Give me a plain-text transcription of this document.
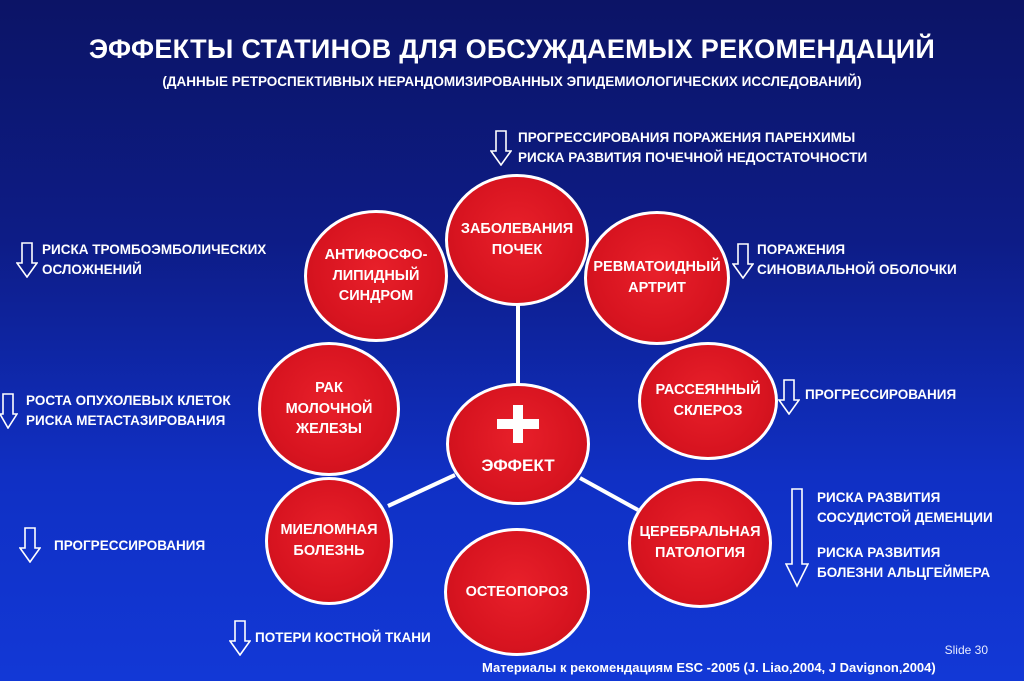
ЭФФЕКТЫ СТАТИНОВ ДЛЯ ОБСУЖДАЕМЫХ РЕКОМЕНДАЦИЙ
(ДАННЫЕ РЕТРОСПЕКТИВНЫХ НЕРАНДОМИЗИРОВАННЫХ ЭПИДЕМИОЛОГИЧЕСКИХ ИССЛЕДОВАНИЙ)
ЭФФЕКТ
ЗАБОЛЕВАНИЯ
ПОЧЕК
АНТИФОСФО-
ЛИПИДНЫЙ
СИНДРОМ
РЕВМАТОИДНЫЙ
АРТРИТ
РАК
МОЛОЧНОЙ
ЖЕЛЕЗЫ
РАССЕЯННЫЙ
СКЛЕРОЗ
МИЕЛОМНАЯ
БОЛЕЗНЬ
ЦЕРЕБРАЛЬНАЯ
ПАТОЛОГИЯ
ОСТЕОПОРОЗ
ПРОГРЕССИРОВАНИЯ ПОРАЖЕНИЯ ПАРЕНХИМЫ
РИСКА РАЗВИТИЯ ПОЧЕЧНОЙ НЕДОСТАТОЧНОСТИ
РИСКА ТРОМБОЭМБОЛИЧЕСКИХ
ОСЛОЖНЕНИЙ
ПОРАЖЕНИЯ
СИНОВИАЛЬНОЙ ОБОЛОЧКИ
РОСТА ОПУХОЛЕВЫХ КЛЕТОК
РИСКА МЕТАСТАЗИРОВАНИЯ
ПРОГРЕССИРОВАНИЯ
ПРОГРЕССИРОВАНИЯ
РИСКА РАЗВИТИЯ
СОСУДИСТОЙ ДЕМЕНЦИИ
РИСКА РАЗВИТИЯ
БОЛЕЗНИ АЛЬЦГЕЙМЕРА
ПОТЕРИ КОСТНОЙ ТКАНИ
Slide 30
Материалы к рекомендациям ESC -2005 (J. Liao,2004, J Davignon,2004)
